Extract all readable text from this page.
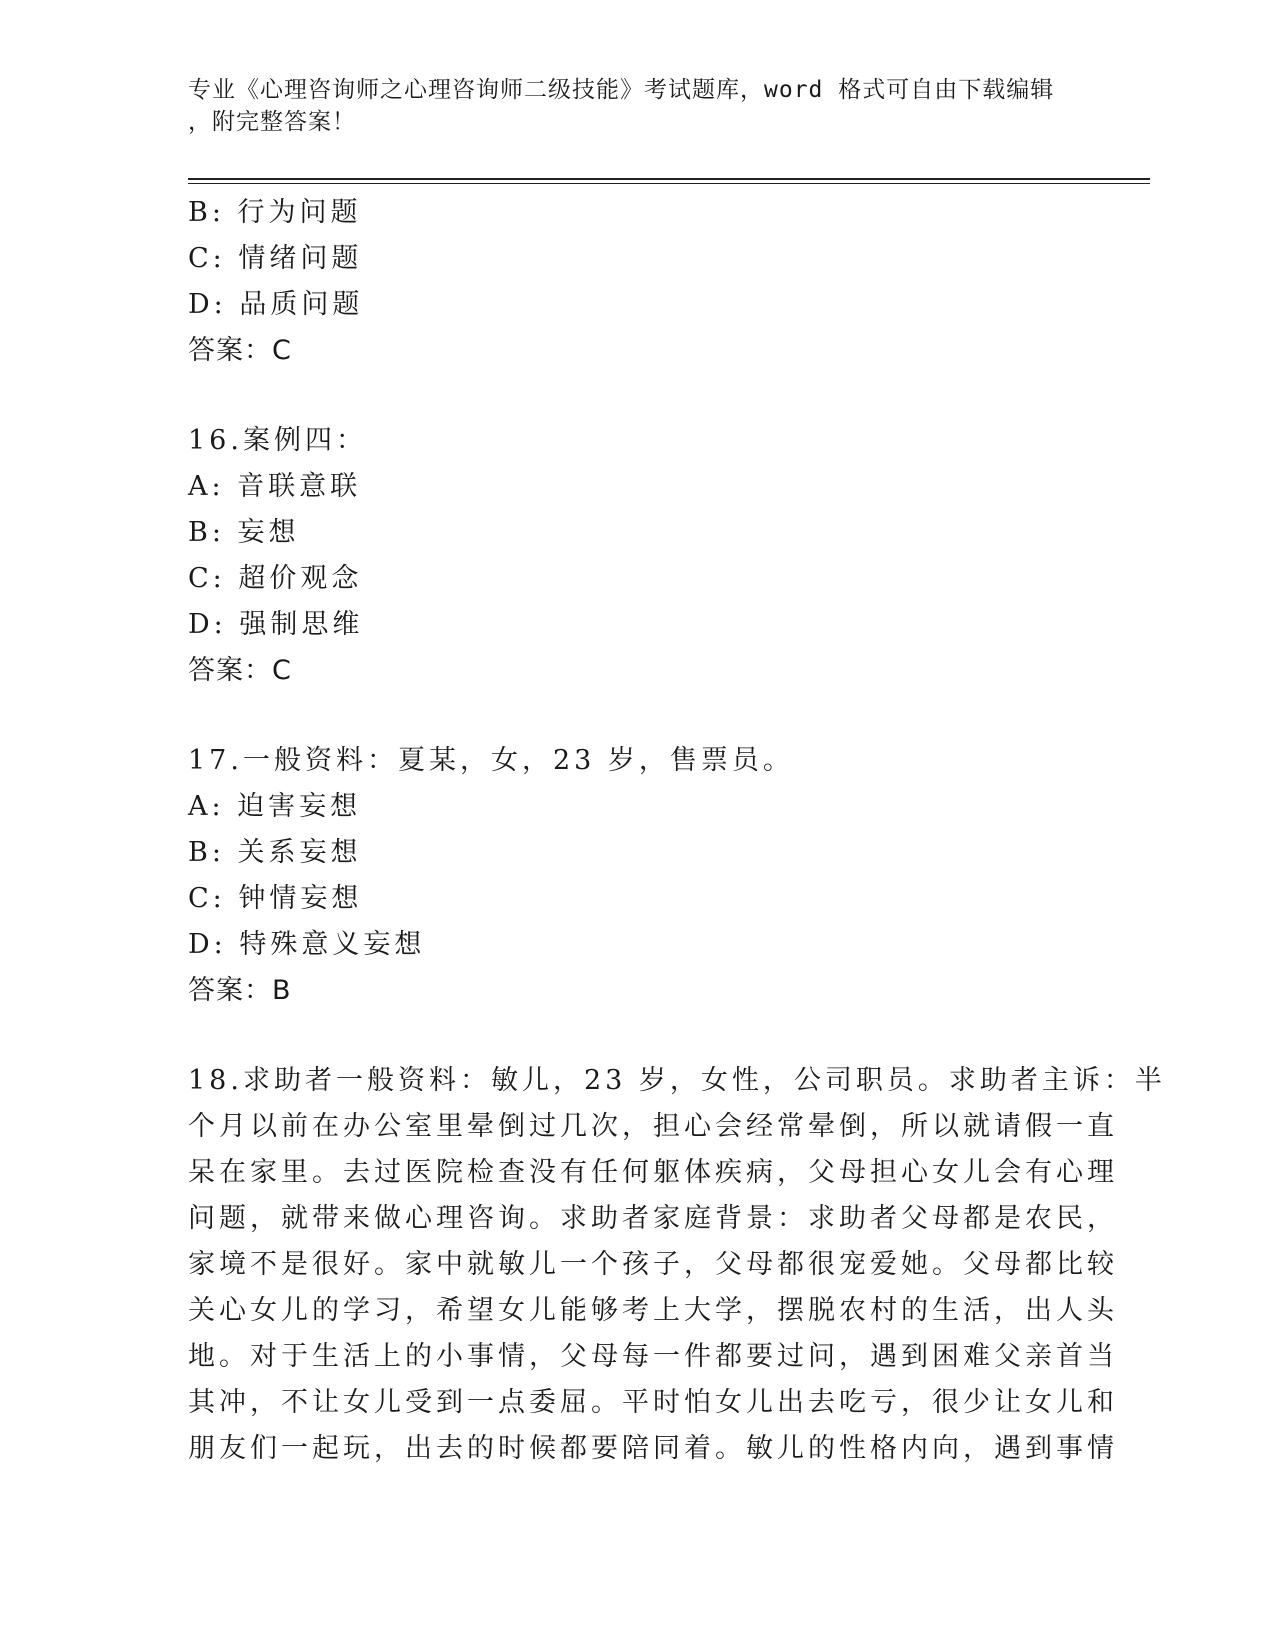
专业《心理咨询师之心理咨询师二级技能》考试题库，word 格式可自由下载编辑
，附完整答案！
B: 行为问题
C: 情绪问题
D: 品质问题
答案：C
16.案例四：
A: 音联意联
B: 妄想
C: 超价观念
D: 强制思维
答案：C
17.一般资料：夏某，女，23 岁，售票员。
A: 迫害妄想
B: 关系妄想
C: 钟情妄想
D: 特殊意义妄想
答案：B
18.求助者一般资料：敏儿，23 岁，女性，公司职员。求助者主诉：半
个月以前在办公室里晕倒过几次，担心会经常晕倒，所以就请假一直
呆在家里。去过医院检查没有任何躯体疾病，父母担心女儿会有心理
问题，就带来做心理咨询。求助者家庭背景：求助者父母都是农民，
家境不是很好。家中就敏儿一个孩子，父母都很宠爱她。父母都比较
关心女儿的学习，希望女儿能够考上大学，摆脱农村的生活，出人头
地。对于生活上的小事情，父母每一件都要过问，遇到困难父亲首当
其冲，不让女儿受到一点委屈。平时怕女儿出去吃亏，很少让女儿和
朋友们一起玩，出去的时候都要陪同着。敏儿的性格内向，遇到事情
